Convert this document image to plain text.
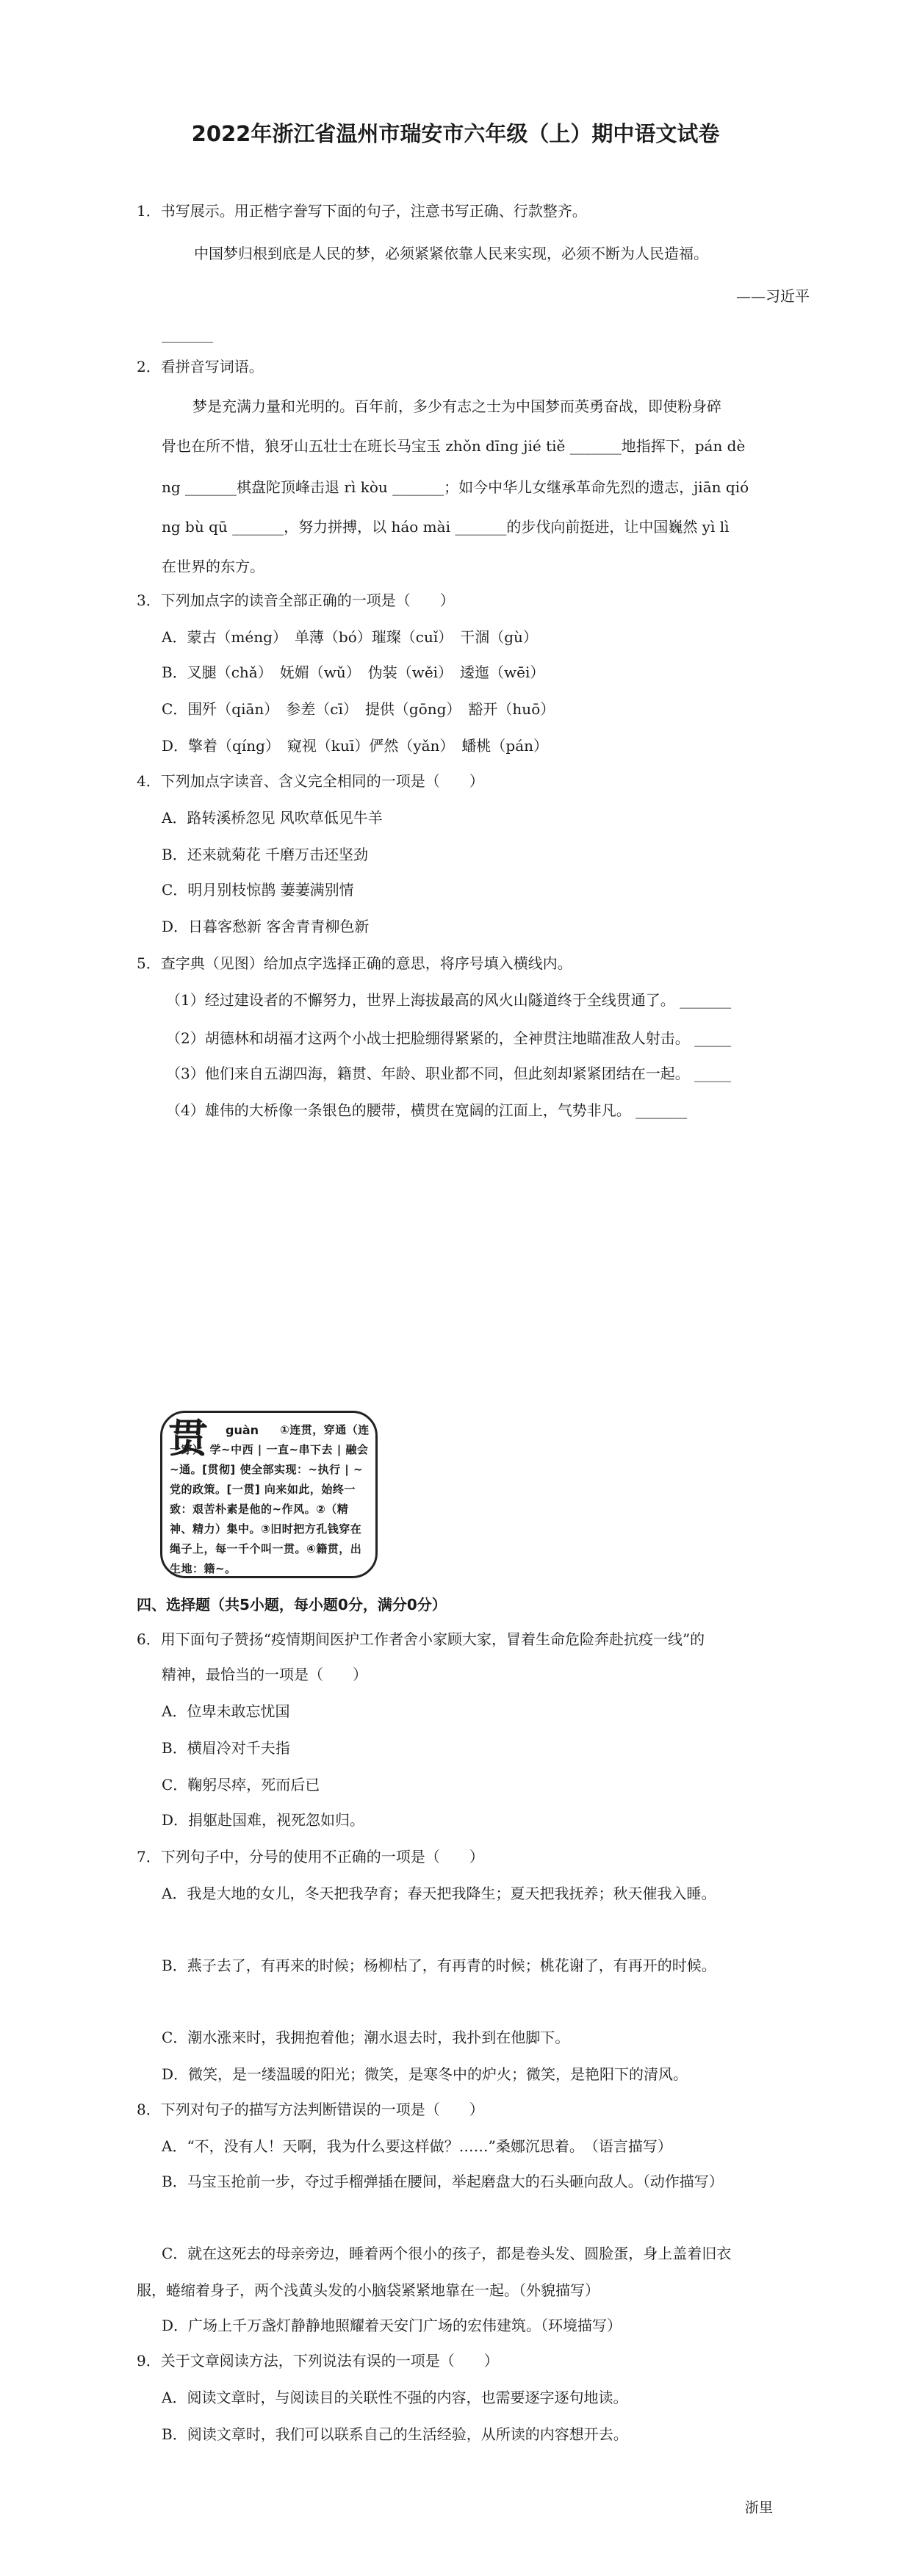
2022年浙江省温州市瑞安市六年级（上）期中语文试卷
1．书写展示。用正楷字誊写下面的句子，注意书写正确、行款整齐。
中国梦归根到底是人民的梦，必须紧紧依靠人民来实现，必须不断为人民造福。
——习近平
_______
2．看拼音写词语。
梦是充满力量和光明的。百年前，多少有志之士为中国梦而英勇奋战，即使粉身碎
骨也在所不惜，狼牙山五壮士在班长马宝玉 zhǒn dīng jié tiě _______地指挥下，pán dè
ng _______棋盘陀顶峰击退 rì kòu _______；如今中华儿女继承革命先烈的遗志，jiān qió
ng bù qū _______，努力拼搏，以 háo mài _______的步伐向前挺进，让中国巍然 yì lì
在世界的东方。
3．下列加点字的读音全部正确的一项是（　　）
A．蒙古（méng）　单薄（bó）璀璨（cuǐ）　干涸（gù）
B．叉腿（chǎ）　妩媚（wǔ）　伪装（wěi）　逶迤（wēi）
C．围歼（qiān）　参差（cī）　提供（gōng）　豁开（huō）
D．擎着（qíng）　窥视（kuī）俨然（yǎn）　蟠桃（pán）
4．下列加点字读音、含义完全相同的一项是（　　）
A．路转溪桥忽见 风吹草低见牛羊
B．还来就菊花 千磨万击还坚劲
C．明月别枝惊鹊 萋萋满别情
D．日暮客愁新 客舍青青柳色新
5．查字典（见图）给加点字选择正确的意思，将序号填入横线内。
（1）经过建设者的不懈努力，世界上海拔最高的风火山隧道终于全线贯通了。 _______
（2）胡德林和胡福才这两个小战士把脸绷得紧紧的，全神贯注地瞄准敌人射击。 _____
（3）他们来自五湖四海，籍贯、年龄、职业都不同，但此刻却紧紧团结在一起。 _____
（4）雄伟的大桥像一条银色的腰带，横贯在宽阔的江面上，气势非凡。 _______
贯 guàn	①连贯，穿通（连一穿）；学~中西 | 一直~串下去 | 融会~通。[贯彻] 使全部实现：~执行 | ~党的政策。[一贯] 向来如此，始终一致：艰苦朴素是他的~作风。②（精神、精力）集中。③旧时把方孔钱穿在绳子上，每一千个叫一贯。④籍贯，出生地：籍~。
四、选择题（共5小题，每小题0分，满分0分）
6．用下面句子赞扬“疫情期间医护工作者舍小家顾大家，冒着生命危险奔赴抗疫一线”的
精神，最恰当的一项是（　　）
A．位卑未敢忘忧国
B．横眉冷对千夫指
C．鞠躬尽瘁，死而后已
D．捐躯赴国难，视死忽如归。
7．下列句子中，分号的使用不正确的一项是（　　）
A．我是大地的女儿，冬天把我孕育；春天把我降生；夏天把我抚养；秋天催我入睡。
B．燕子去了，有再来的时候；杨柳枯了，有再青的时候；桃花谢了，有再开的时候。
C．潮水涨来时，我拥抱着他；潮水退去时，我扑到在他脚下。
D．微笑，是一缕温暖的阳光；微笑，是寒冬中的炉火；微笑，是艳阳下的清风。
8．下列对句子的描写方法判断错误的一项是（　　）
A．“不，没有人！天啊，我为什么要这样做？……”桑娜沉思着。　（语言描写）
B．马宝玉抢前一步，夺过手榴弹插在腰间，举起磨盘大的石头砸向敌人。（动作描写）
C．就在这死去的母亲旁边，睡着两个很小的孩子，都是卷头发、圆脸蛋，身上盖着旧衣
服，蜷缩着身子，两个浅黄头发的小脑袋紧紧地靠在一起。（外貌描写）
D．广场上千万盏灯静静地照耀着天安门广场的宏伟建筑。（环境描写）
9．关于文章阅读方法，下列说法有误的一项是（　　）
A．阅读文章时，与阅读目的关联性不强的内容，也需要逐字逐句地读。
B．阅读文章时，我们可以联系自己的生活经验，从所读的内容想开去。
浙里
